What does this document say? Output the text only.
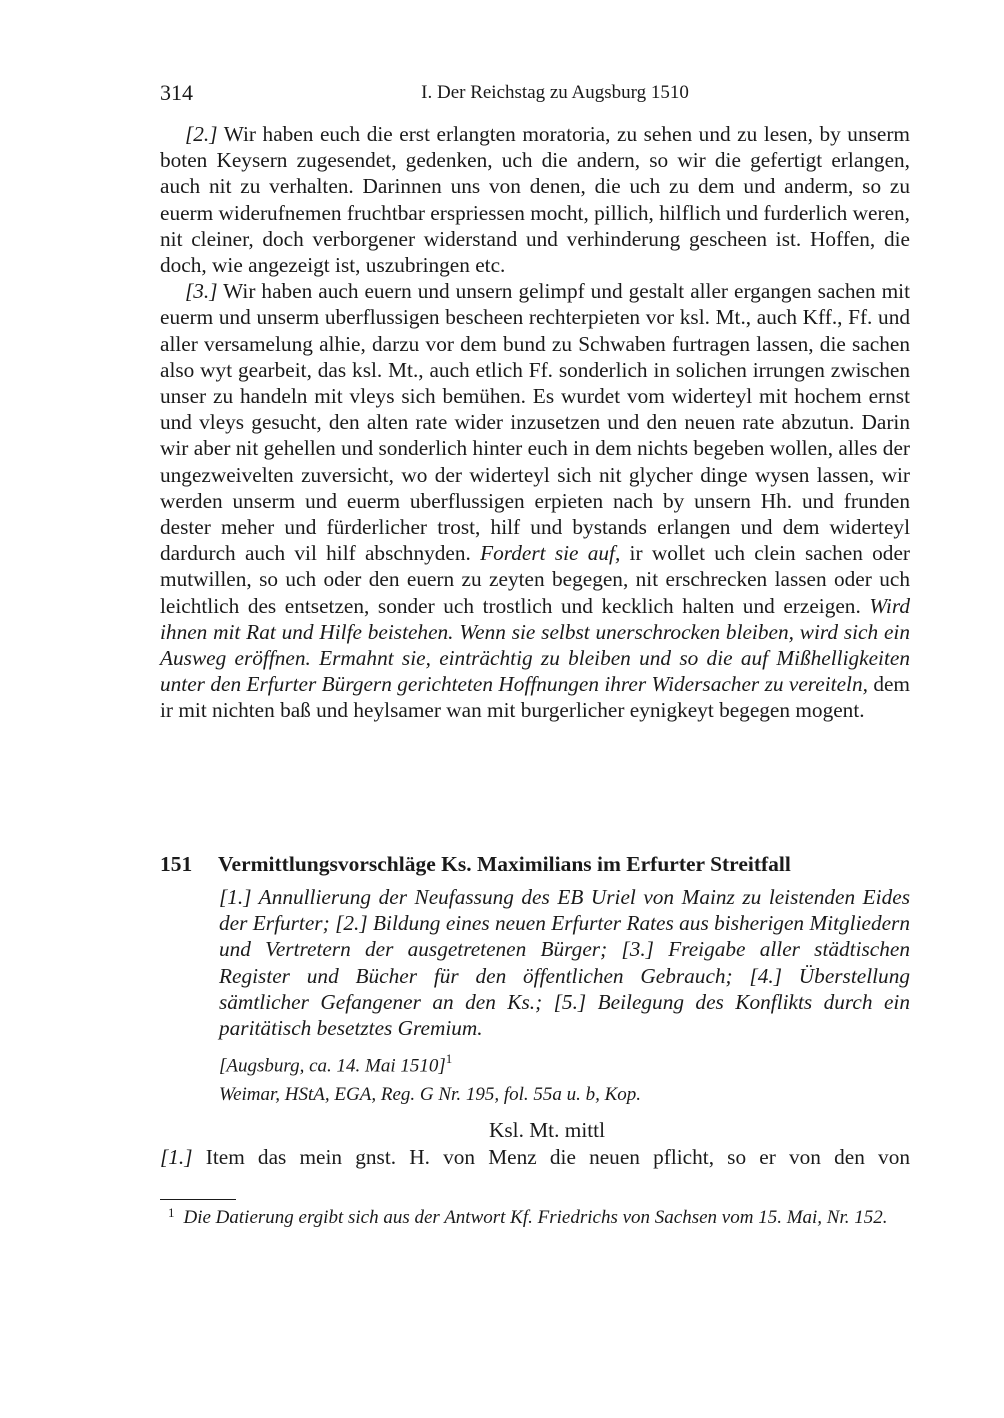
314	I. Der Reichstag zu Augsburg 1510

[2.] Wir haben euch die erst erlangten moratoria, zu sehen und zu lesen, by unserm boten Keysern zugesendet, gedenken, uch die andern, so wir die gefertigt erlangen, auch nit zu verhalten. Darinnen uns von denen, die uch zu dem und anderm, so zu euerm widerufnemen fruchtbar erspriessen mocht, pillich, hilflich und furderlich weren, nit cleiner, doch verborgener widerstand und verhinderung gescheen ist. Hoffen, die doch, wie angezeigt ist, uszubringen etc.

[3.] Wir haben auch euern und unsern gelimpf und gestalt aller ergangen sachen mit euerm und unserm uberflussigen bescheen rechterpieten vor ksl. Mt., auch Kff., Ff. und aller versamelung alhie, darzu vor dem bund zu Schwaben furtragen lassen, die sachen also wyt gearbeit, das ksl. Mt., auch etlich Ff. sonderlich in solichen irrungen zwischen unser zu handeln mit vleys sich bemühen. Es wurdet vom widerteyl mit hochem ernst und vleys gesucht, den alten rate wider inzusetzen und den neuen rate abzutun. Darin wir aber nit gehellen und sonderlich hinter euch in dem nichts begeben wollen, alles der ungezweivelten zuversicht, wo der widerteyl sich nit glycher dinge wysen lassen, wir werden unserm und euerm uberflussigen erpieten nach by unsern Hh. und frunden dester meher und fürderlicher trost, hilf und bystands erlangen und dem widerteyl dardurch auch vil hilf abschnyden. Fordert sie auf, ir wollet uch clein sachen oder mutwillen, so uch oder den euern zu zeyten begegen, nit erschrecken lassen oder uch leichtlich des entsetzen, sonder uch trostlich und kecklich halten und erzeigen. Wird ihnen mit Rat und Hilfe beistehen. Wenn sie selbst unerschrocken bleiben, wird sich ein Ausweg eröffnen. Ermahnt sie, einträchtig zu bleiben und so die auf Mißhelligkeiten unter den Erfurter Bürgern gerichteten Hoffnungen ihrer Widersacher zu vereiteln, dem ir mit nichten baß und heylsamer wan mit burgerlicher eynigkeyt begegen mogent.

151 Vermittlungsvorschläge Ks. Maximilians im Erfurter Streitfall
[1.] Annullierung der Neufassung des EB Uriel von Mainz zu leistenden Eides der Erfurter; [2.] Bildung eines neuen Erfurter Rates aus bisherigen Mitgliedern und Vertretern der ausgetretenen Bürger; [3.] Freigabe aller städtischen Register und Bücher für den öffentlichen Gebrauch; [4.] Überstellung sämtlicher Gefangener an den Ks.; [5.] Beilegung des Konflikts durch ein paritätisch besetztes Gremium.
[Augsburg, ca. 14. Mai 1510]$^1$
Weimar, HStA, EGA, Reg. G Nr. 195, fol. 55a u. b, Kop.
Ksl. Mt. mittl
[1.] Item das mein gnst. H. von Menz die neuen pflicht, so er von den von
$^1$ Die Datierung ergibt sich aus der Antwort Kf. Friedrichs von Sachsen vom 15. Mai, Nr. 152.
